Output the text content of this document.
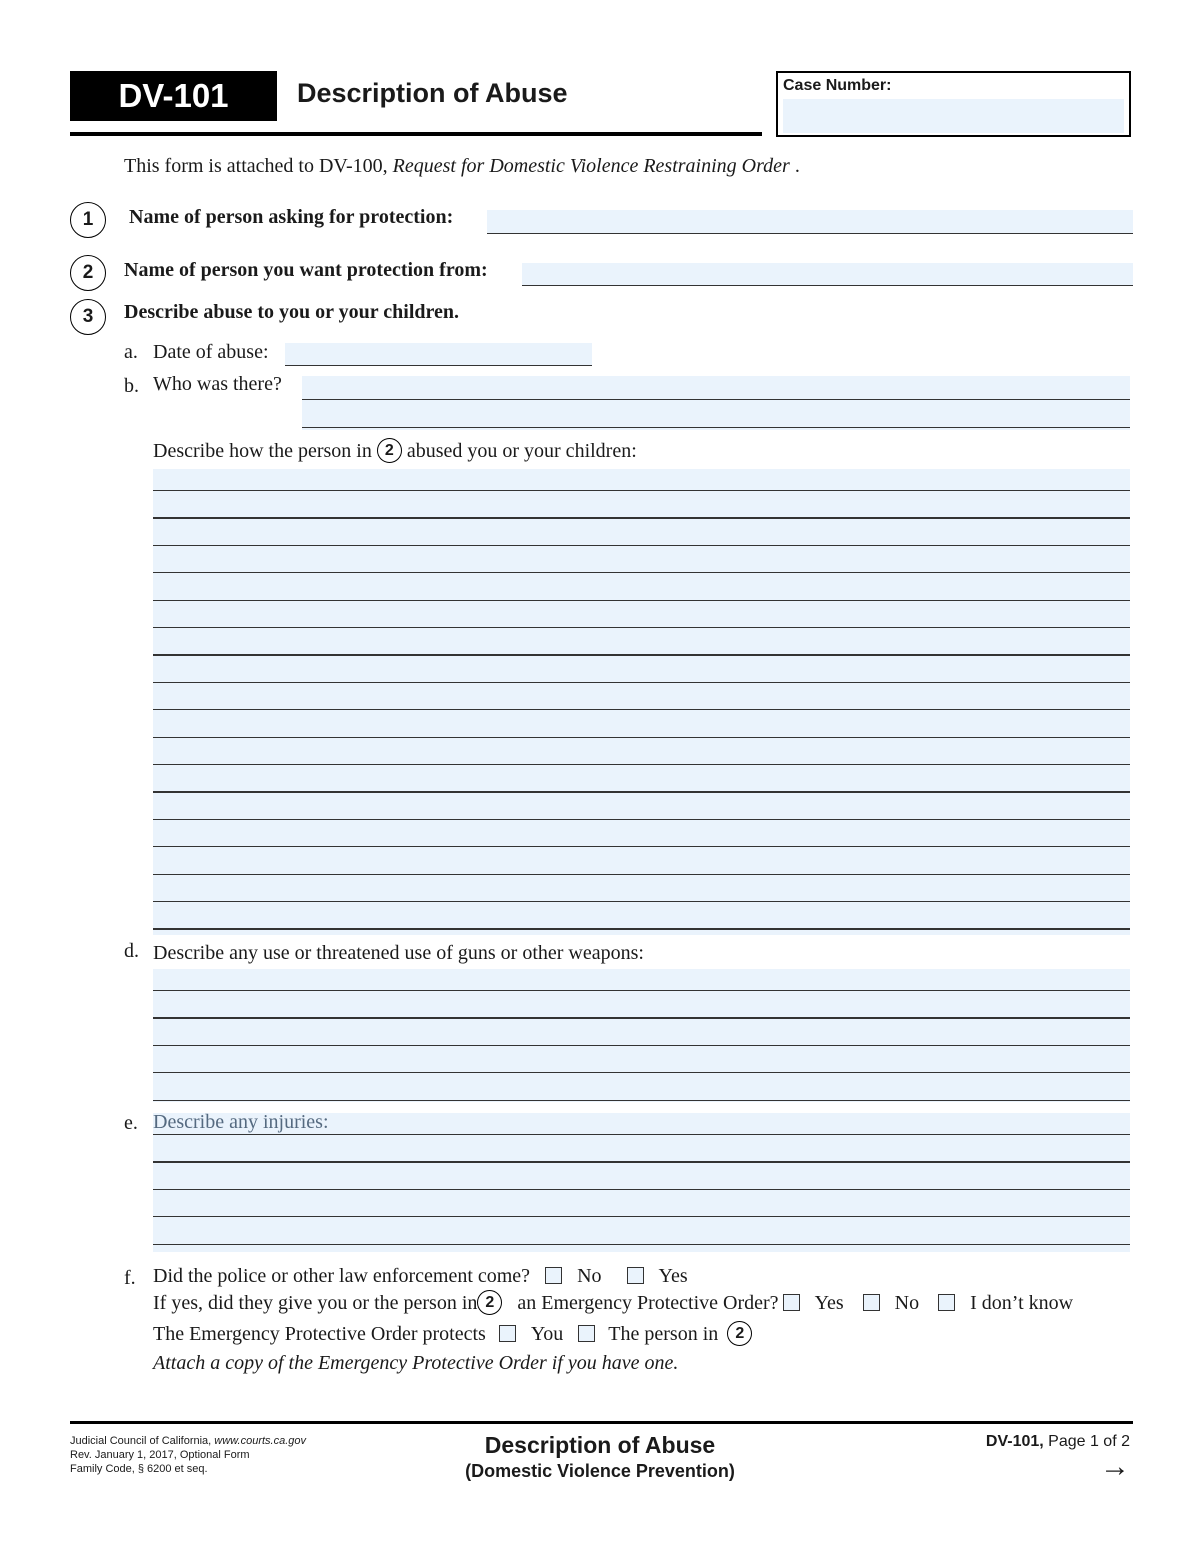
DV-101	Description of Abuse	Case Number:
This form is attached to DV-100, Request for Domestic Violence Restraining Order .
1 Name of person asking for protection:
2 Name of person you want protection from:
3 Describe abuse to you or your children.
a. Date of abuse:
b. Who was there?
Describe how the person in 2 abused you or your children:
d. Describe any use or threatened use of guns or other weapons:
e. Describe any injuries:
f. Did the police or other law enforcement come? No	Yes
If yes, did they give you or the person in 2 an Emergency Protective Order? Yes	No	I don’t know
The Emergency Protective Order protects You The person in 2
Attach a copy of the Emergency Protective Order if you have one.
Judicial Council of California, www.courts.ca.gov
Rev. January 1, 2017, Optional Form
Family Code, § 6200 et seq.
Description of Abuse
(Domestic Violence Prevention)
DV-101, Page 1 of 2
→
